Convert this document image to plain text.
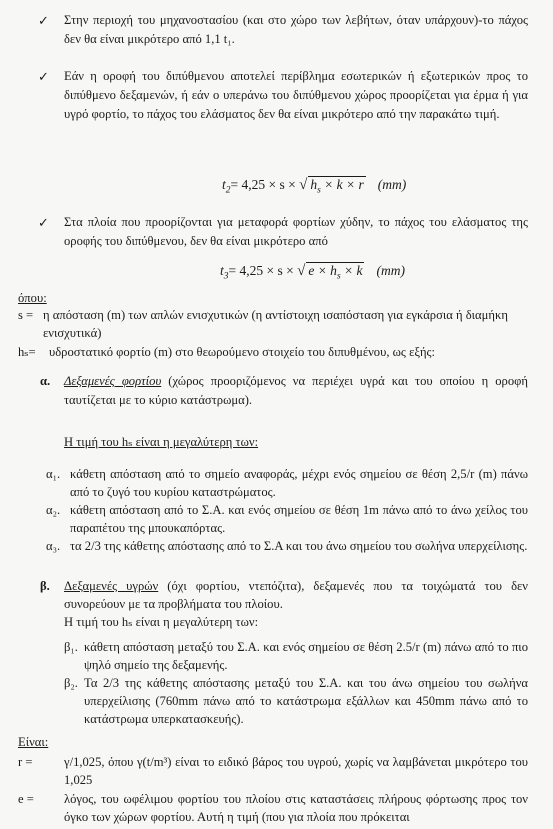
✓ Στην περιοχή του μηχανοστασίου (και στο χώρο των λεβήτων, όταν υπάρχουν)-το πάχος δεν θα είναι μικρότερο από 1,1 t₁.
✓ Εάν η οροφή του διπύθμενου αποτελεί περίβλημα εσωτερικών ή εξωτερικών προς το διπύθμενο δεξαμενών, ή εάν ο υπεράνω του διπύθμενου χώρος προορίζεται για έρμα ή για υγρό φορτίο, το πάχος του ελάσματος δεν θα είναι μικρότερο από την παρακάτω τιμή.
$t_2= 4,25 \times s$ × √ $h_s \times k \times r$ (mm)
✓ Στα πλοία που προορίζονται για μεταφορά φορτίων χύδην, το πάχος του ελάσματος της οροφής του διπύθμενου, δεν θα είναι μικρότερο από
$t_3= 4,25 \times s$ × √ $e \times h_s \times k$ (mm)
όπου:
s = η απόσταση (m) των απλών ενισχυτικών (η αντίστοιχη ισαπόσταση για εγκάρσια ή διαμήκη ενισχυτικά)
hₛ= υδροστατικό φορτίο (m) στο θεωρούμενο στοιχείο του διπυθμένου, ως εξής:
α. Δεξαμενές φορτίου (χώρος προοριζόμενος να περιέχει υγρά και του οποίου η οροφή ταυτίζεται με το κύριο κατάστρωμα).
Η τιμή του hₛ είναι η μεγαλύτερη των:
α₁. κάθετη απόσταση από το σημείο αναφοράς, μέχρι ενός σημείου σε θέση 2,5/r (m) πάνω από το ζυγό του κυρίου καταστρώματος.
α₂. κάθετη απόσταση από το Σ.Α. και ενός σημείου σε θέση 1m πάνω από το άνω χείλος του παραπέτου της μπουκαπόρτας.
α₃. τα 2/3 της κάθετης απόστασης από το Σ.Α και του άνω σημείου του σωλήνα υπερχείλισης.
β. Δεξαμενές υγρών (όχι φορτίου, ντεπόζιτα), δεξαμενές που τα τοιχώματά του δεν συνορεύουν με τα προβλήματα του πλοίου.
Η τιμή του hₛ είναι η μεγαλύτερη των:
β₁. κάθετη απόσταση μεταξύ του Σ.Α. και ενός σημείου σε θέση 2.5/r (m) πάνω από το πιο ψηλό σημείο της δεξαμενής.
β₂. Τα 2/3 της κάθετης απόστασης μεταξύ του Σ.Α. και του άνω σημείου του σωλήνα υπερχείλισης (760mm πάνω από το κατάστρωμα εξάλλων και 450mm πάνω από το κατάστρωμα υπερκατασκευής).
Είναι:
r =	γ/1,025, όπου γ(t/m³) είναι το ειδικό βάρος του υγρού, χωρίς να λαμβάνεται μικρότερο του 1,025
e = λόγος, του ωφέλιμου φορτίου του πλοίου στις καταστάσεις πλήρους φόρτωσης προς τον όγκο των χώρων φορτίου. Αυτή η τιμή (που για πλοία που πρόκειται
